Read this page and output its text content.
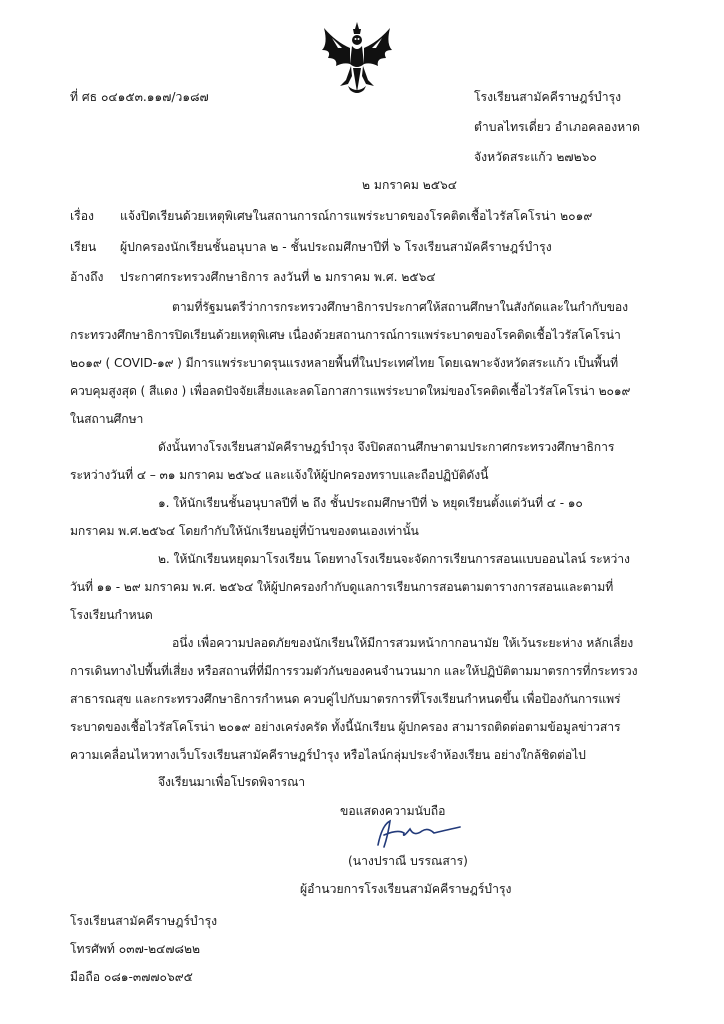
ที่ ศธ ๐๔๑๕๓.๑๑๗/ว๑๘๗	โรงเรียนสามัคคีราษฎร์บำรุง
ตำบลไทรเดี่ยว อำเภอคลองหาด
จังหวัดสระแก้ว ๒๗๒๖๐
๒ มกราคม ๒๕๖๔
เรื่อง แจ้งปิดเรียนด้วยเหตุพิเศษในสถานการณ์การแพร่ระบาดของโรคติดเชื้อไวรัสโคโรน่า ๒๐๑๙
เรียน ผู้ปกครองนักเรียนชั้นอนุบาล ๒ - ชั้นประถมศึกษาปีที่ ๖ โรงเรียนสามัคคีราษฎร์บำรุง
อ้างถึง ประกาศกระทรวงศึกษาธิการ ลงวันที่ ๒ มกราคม พ.ศ. ๒๕๖๔
ตามที่รัฐมนตรีว่าการกระทรวงศึกษาธิการประกาศให้สถานศึกษาในสังกัดและในกำกับของ
กระทรวงศึกษาธิการปิดเรียนด้วยเหตุพิเศษ เนื่องด้วยสถานการณ์การแพร่ระบาดของโรคติดเชื้อไวรัสโคโรน่า
๒๐๑๙ ( COVID-๑๙ ) มีการแพร่ระบาดรุนแรงหลายพื้นที่ในประเทศไทย โดยเฉพาะจังหวัดสระแก้ว เป็นพื้นที่
ควบคุมสูงสุด ( สีแดง ) เพื่อลดปัจจัยเสี่ยงและลดโอกาสการแพร่ระบาดใหม่ของโรคติดเชื้อไวรัสโคโรน่า ๒๐๑๙
ในสถานศึกษา
ดังนั้นทางโรงเรียนสามัคคีราษฎร์บำรุง จึงปิดสถานศึกษาตามประกาศกระทรวงศึกษาธิการ
ระหว่างวันที่ ๔ – ๓๑ มกราคม ๒๕๖๔ และแจ้งให้ผู้ปกครองทราบและถือปฏิบัติดังนี้
๑. ให้นักเรียนชั้นอนุบาลปีที่ ๒ ถึง ชั้นประถมศึกษาปีที่ ๖ หยุดเรียนตั้งแต่วันที่ ๔ - ๑๐
มกราคม พ.ศ.๒๕๖๔ โดยกำกับให้นักเรียนอยู่ที่บ้านของตนเองเท่านั้น
๒. ให้นักเรียนหยุดมาโรงเรียน โดยทางโรงเรียนจะจัดการเรียนการสอนแบบออนไลน์ ระหว่าง
วันที่ ๑๑ - ๒๙ มกราคม พ.ศ. ๒๕๖๔ ให้ผู้ปกครองกำกับดูแลการเรียนการสอนตามตารางการสอนและตามที่
โรงเรียนกำหนด
อนึ่ง เพื่อความปลอดภัยของนักเรียนให้มีการสวมหน้ากากอนามัย ให้เว้นระยะห่าง หลักเลี่ยง
การเดินทางไปพื้นที่เสี่ยง หรือสถานที่ที่มีการรวมตัวกันของคนจำนวนมาก และให้ปฏิบัติตามมาตรการที่กระทรวง
สาธารณสุข และกระทรวงศึกษาธิการกำหนด ควบคู่ไปกับมาตรการที่โรงเรียนกำหนดขึ้น เพื่อป้องกันการแพร่
ระบาดของเชื้อไวรัสโคโรน่า ๒๐๑๙ อย่างเคร่งครัด ทั้งนี้นักเรียน ผู้ปกครอง สามารถติดต่อตามข้อมูลข่าวสาร
ความเคลื่อนไหวทางเว็บโรงเรียนสามัคคีราษฎร์บำรุง หรือไลน์กลุ่มประจำห้องเรียน อย่างใกล้ชิดต่อไป
จึงเรียนมาเพื่อโปรดพิจารณา
ขอแสดงความนับถือ
(นางปราณี บรรณสาร)
ผู้อำนวยการโรงเรียนสามัคคีราษฎร์บำรุง
โรงเรียนสามัคคีราษฎร์บำรุง
โทรศัพท์ ๐๓๗-๒๔๗๘๒๒
มือถือ ๐๘๑-๓๗๗๐๖๙๕
